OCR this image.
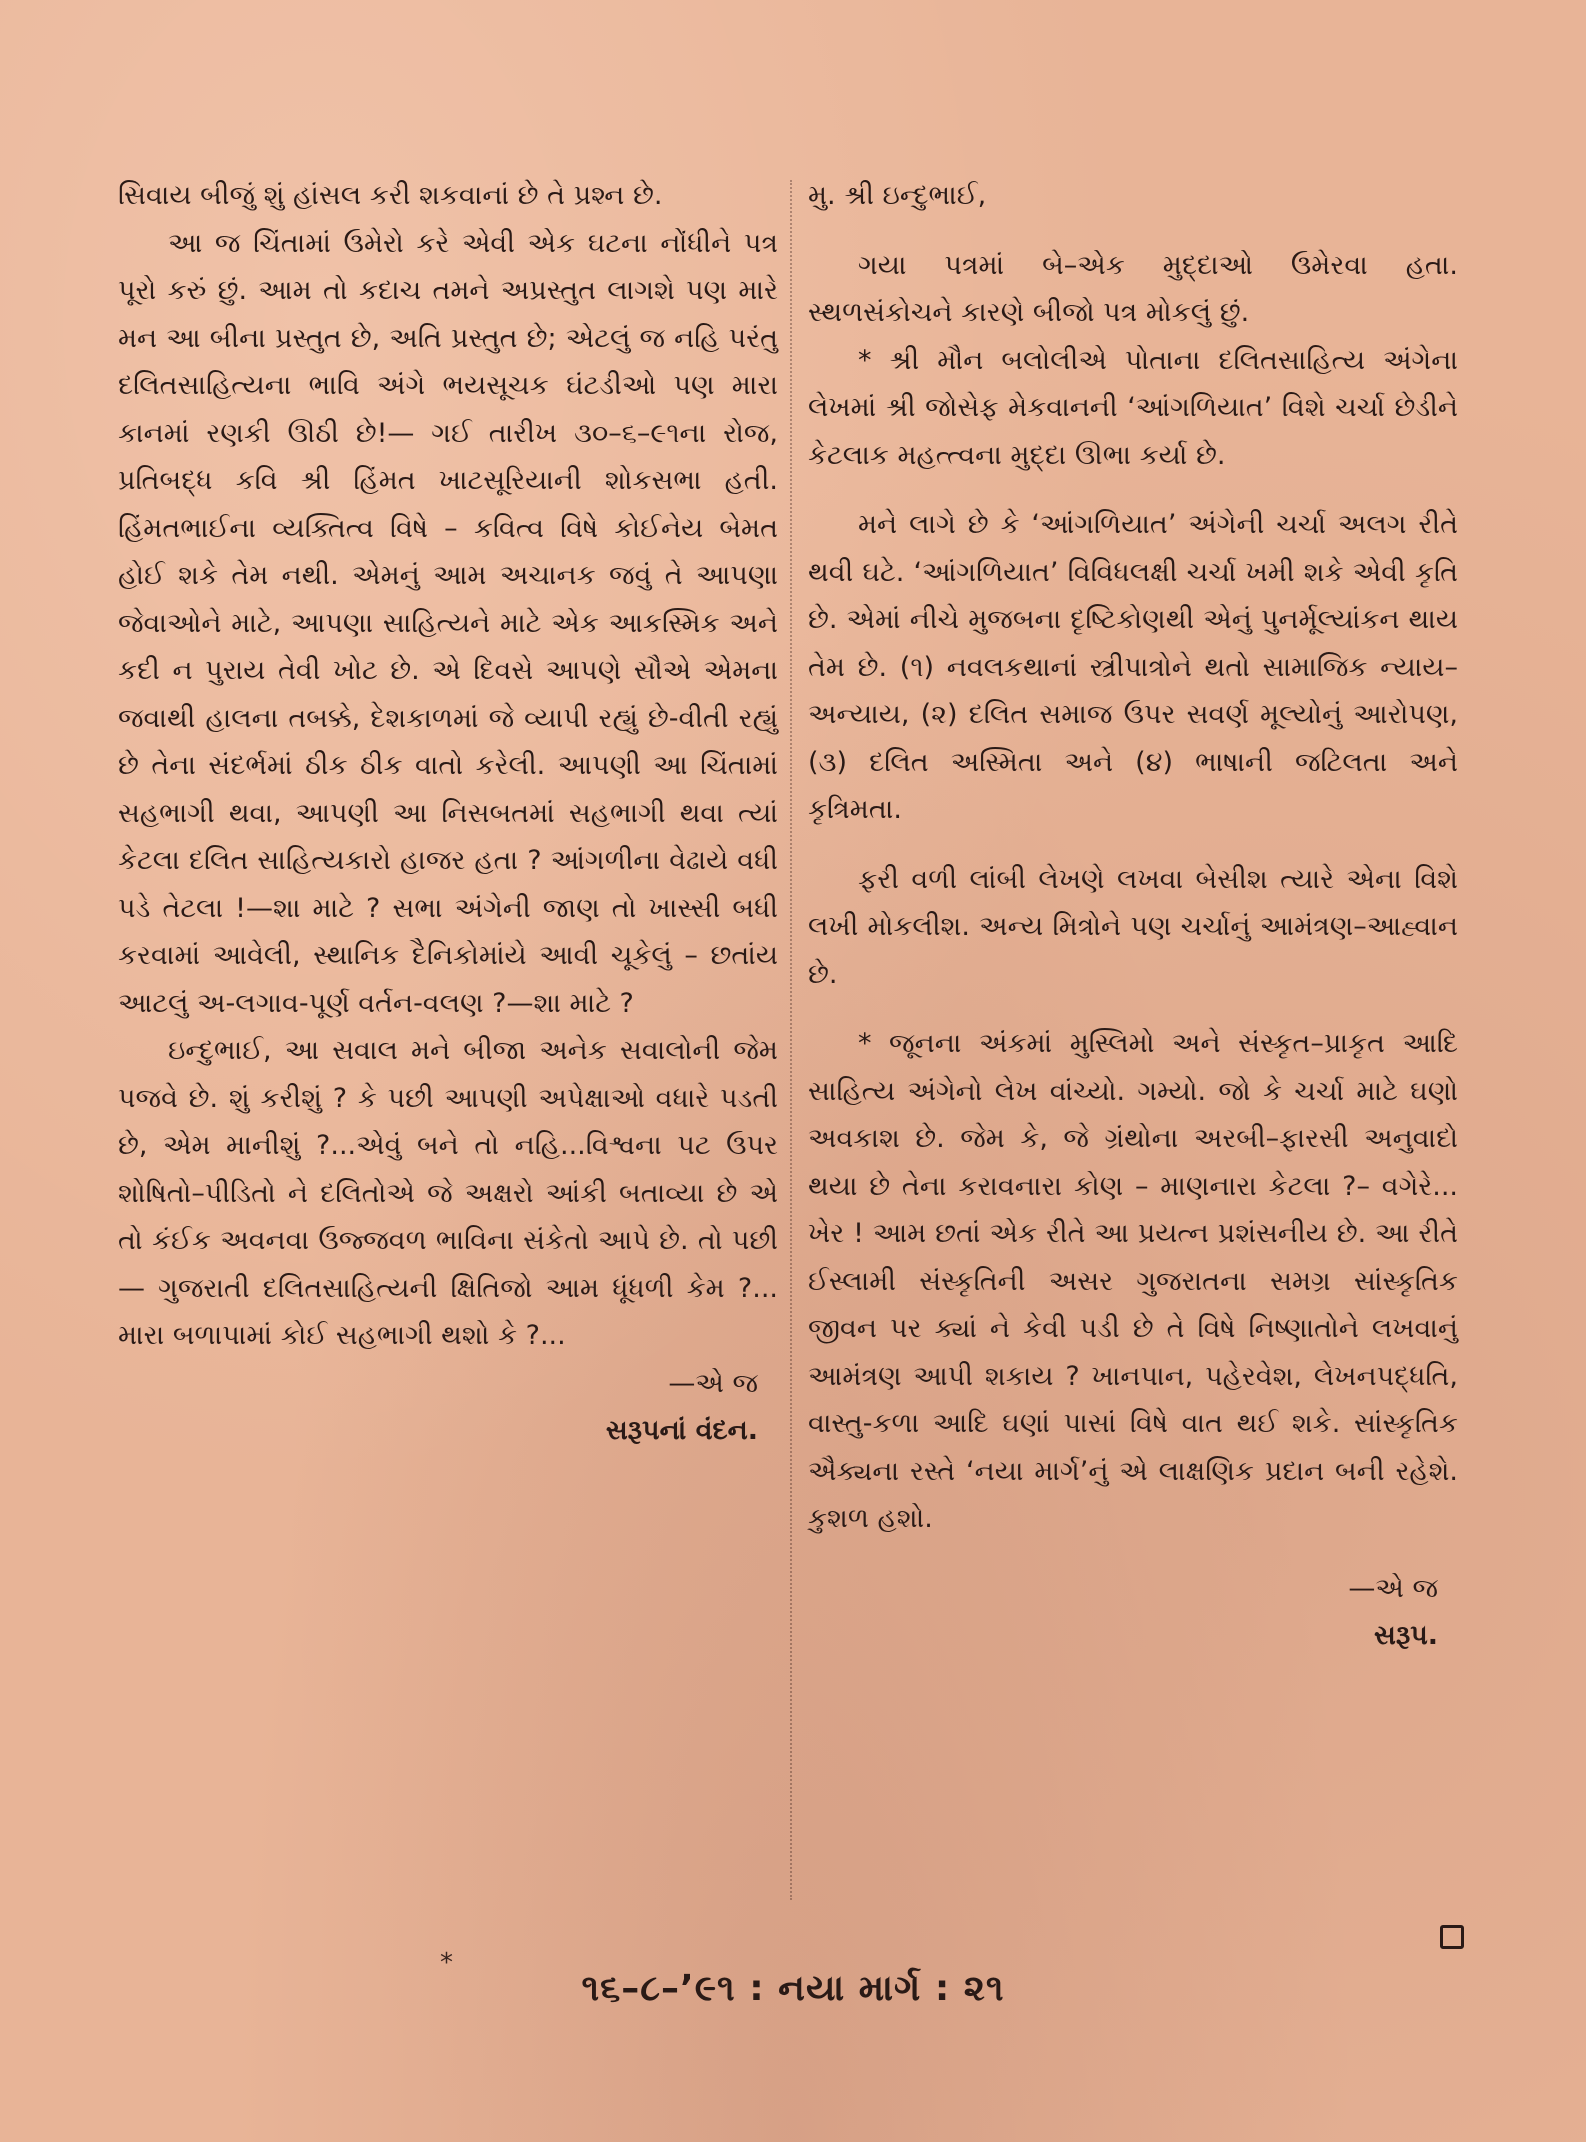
સિવાય બીજું શું હાંસલ કરી શકવાનાં છે તે પ્રશ્ન છે.

આ જ ચિંતામાં ઉમેરો કરે એવી એક ઘટના નોંધીને પત્ર પૂરો કરું છું. આમ તો કદાચ તમને અપ્રસ્તુત લાગશે પણ મારે મન આ બીના પ્રસ્તુત છે, અતિ પ્રસ્તુત છે; એટલું જ નહિ પરંતુ દલિતસાહિત્યના ભાવિ અંગે ભયસૂચક ઘંટડીઓ પણ મારા કાનમાં રણકી ઊઠી છે!— ગઈ તારીખ ૩૦–૬–૯૧ના રોજ, પ્રતિબદ્ધ કવિ શ્રી હિંમત ખાટસૂરિયાની શોકસભા હતી. હિંમતભાઈના વ્યક્તિત્વ વિષે – કવિત્વ વિષે કોઈનેય બેમત હોઈ શકે તેમ નથી. એમનું આમ અચાનક જવું તે આપણા જેવાઓને માટે, આપણા સાહિત્યને માટે એક આકસ્મિક અને કદી ન પુરાય તેવી ખોટ છે. એ દિવસે આપણે સૌએ એમના જવાથી હાલના તબક્કે, દેશકાળમાં જે વ્યાપી રહ્યું છે-વીતી રહ્યું છે તેના સંદર્ભમાં ઠીક ઠીક વાતો કરેલી. આપણી આ ચિંતામાં સહભાગી થવા, આપણી આ નિસબતમાં સહભાગી થવા ત્યાં કેટલા દલિત સાહિત્યકારો હાજર હતા ? આંગળીના વેઢાયે વધી પડે તેટલા !—શા માટે ? સભા અંગેની જાણ તો ખાસ્સી બધી કરવામાં આવેલી, સ્થાનિક દૈનિકોમાંયે આવી ચૂકેલું – છતાંય આટલું અ-લગાવ-પૂર્ણ વર્તન-વલણ ?—શા માટે ?

ઇન્દુભાઈ, આ સવાલ મને બીજા અનેક સવાલોની જેમ પજવે છે. શું કરીશું ? કે પછી આપણી અપેક્ષાઓ વધારે પડતી છે, એમ માનીશું ?...એવું બને તો નહિ...વિશ્વના પટ ઉપર શોષિતો–પીડિતો ને દલિતોએ જે અક્ષરો આંકી બતાવ્યા છે એ તો કંઈક અવનવા ઉજ્જવળ ભાવિના સંકેતો આપે છે. તો પછી— ગુજરાતી દલિતસાહિત્યની ક્ષિતિજો આમ ધૂંધળી કેમ ?... મારા બળાપામાં કોઈ સહભાગી થશો કે ?...

—એ જ

સરૂપનાં વંદન.

મુ. શ્રી ઇન્દુભાઈ,

ગયા પત્રમાં બે–એક મુદ્દાઓ ઉમેરવા હતા. સ્થળસંકોચને કારણે બીજો પત્ર મોકલું છું.

* શ્રી મૌન બલોલીએ પોતાના દલિતસાહિત્ય અંગેના લેખમાં શ્રી જોસેફ મેકવાનની ‘આંગળિયાત’ વિશે ચર્ચા છેડીને કેટલાક મહત્ત્વના મુદ્દા ઊભા કર્યા છે.

મને લાગે છે કે ‘આંગળિયાત’ અંગેની ચર્ચા અલગ રીતે થવી ઘટે. ‘આંગળિયાત’ વિવિધલક્ષી ચર્ચા ખમી શકે એવી કૃતિ છે. એમાં નીચે મુજબના દૃષ્ટિકોણથી એનું પુનર્મૂલ્યાંકન થાય તેમ છે. (૧) નવલકથાનાં સ્ત્રીપાત્રોને થતો સામાજિક ન્યાય–અન્યાય, (૨) દલિત સમાજ ઉપર સવર્ણ મૂલ્યોનું આરોપણ, (૩) દલિત અસ્મિતા અને (૪) ભાષાની જટિલતા અને કૃત્રિમતા.

ફરી વળી લાંબી લેખણે લખવા બેસીશ ત્યારે એના વિશે લખી મોકલીશ. અન્ય મિત્રોને પણ ચર્ચાનું આમંત્રણ–આહ્વાન છે.

* જૂનના અંકમાં મુસ્લિમો અને સંસ્કૃત–પ્રાકૃત આદિ સાહિત્ય અંગેનો લેખ વાંચ્યો. ગમ્યો. જો કે ચર્ચા માટે ઘણો અવકાશ છે. જેમ કે, જે ગ્રંથોના અરબી–ફારસી અનુવાદો થયા છે તેના કરાવનારા કોણ – માણનારા કેટલા ?– વગેરે... ખેર ! આમ છતાં એક રીતે આ પ્રયત્ન પ્રશંસનીય છે. આ રીતે ઈસ્લામી સંસ્કૃતિની અસર ગુજરાતના સમગ્ર સાંસ્કૃતિક જીવન પર ક્યાં ને કેવી પડી છે તે વિષે નિષ્ણાતોને લખવાનું આમંત્રણ આપી શકાય ? ખાનપાન, પહેરવેશ, લેખનપદ્ધતિ, વાસ્તુ-કળા આદિ ઘણાં પાસાં વિષે વાત થઈ શકે. સાંસ્કૃતિક ઐક્યના રસ્તે ‘નયા માર્ગ’નું એ લાક્ષણિક પ્રદાન બની રહેશે. કુશળ હશો.

—એ જ

સરૂપ.

*
૧૬–૮–’૯૧ : નયા માર્ગ : ૨૧
